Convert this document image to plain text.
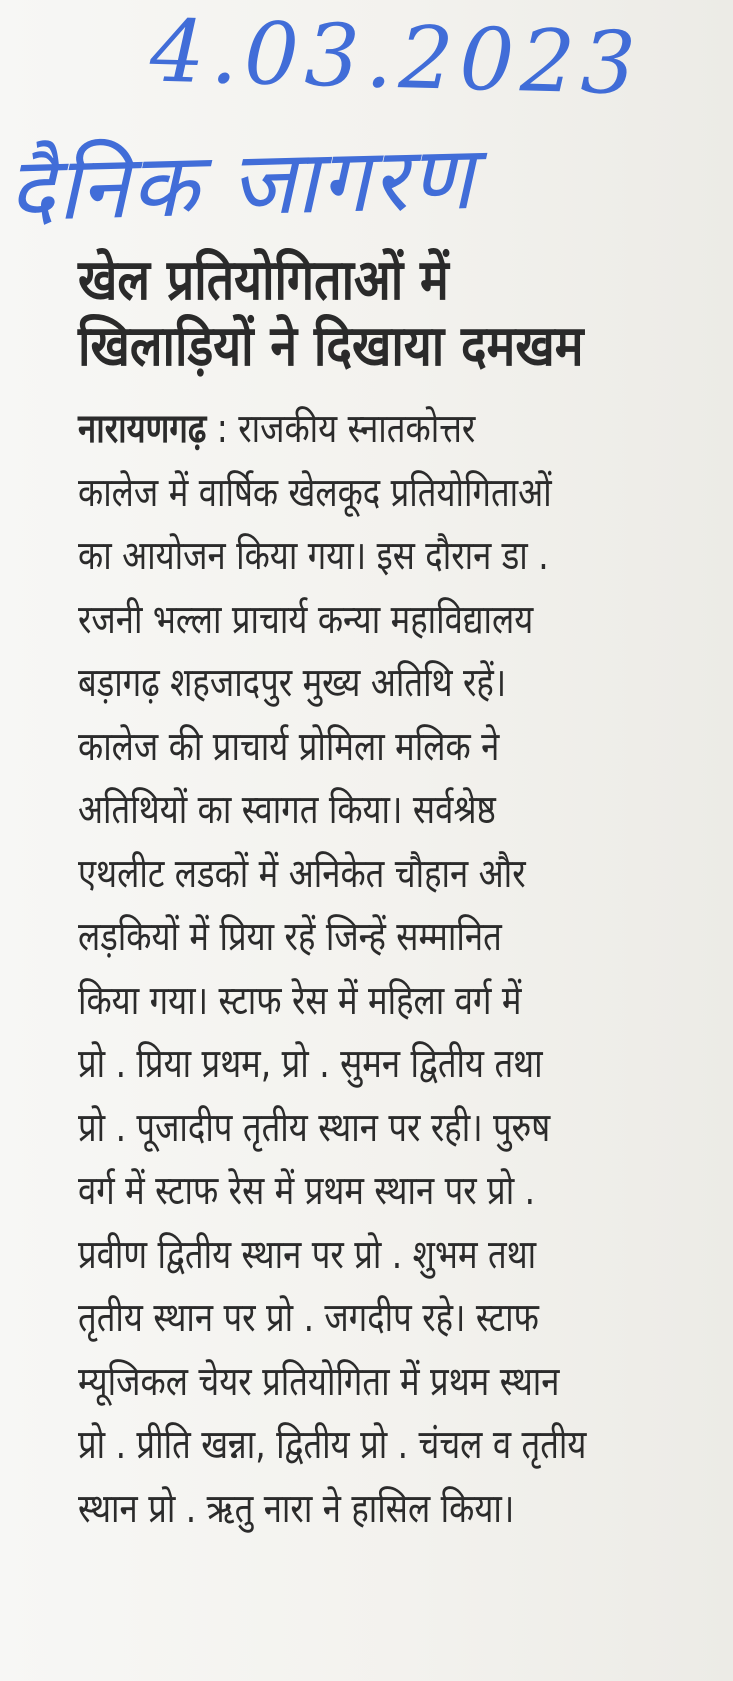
4.03.2023
दैनिक जागरण
खेल प्रतियोगिताओं में
खिलाड़ियों ने दिखाया दमखम
नारायणगढ़ : राजकीय स्नातकोत्तर
कालेज में वार्षिक खेलकूद प्रतियोगिताओं
का आयोजन किया गया। इस दौरान डा .
रजनी भल्ला प्राचार्य कन्या महाविद्यालय
बड़ागढ़ शहजादपुर मुख्य अतिथि रहें।
कालेज की प्राचार्य प्रोमिला मलिक ने
अतिथियों का स्वागत किया। सर्वश्रेष्ठ
एथलीट लडकों में अनिकेत चौहान और
लड़कियों में प्रिया रहें जिन्हें सम्मानित
किया गया। स्टाफ रेस में महिला वर्ग में
प्रो . प्रिया प्रथम, प्रो . सुमन द्वितीय तथा
प्रो . पूजादीप तृतीय स्थान पर रही। पुरुष
वर्ग में स्टाफ रेस में प्रथम स्थान पर प्रो .
प्रवीण द्वितीय स्थान पर प्रो . शुभम तथा
तृतीय स्थान पर प्रो . जगदीप रहे। स्टाफ
म्यूजिकल चेयर प्रतियोगिता में प्रथम स्थान
प्रो . प्रीति खन्ना, द्वितीय प्रो . चंचल व तृतीय
स्थान प्रो . ऋतु नारा ने हासिल किया।
